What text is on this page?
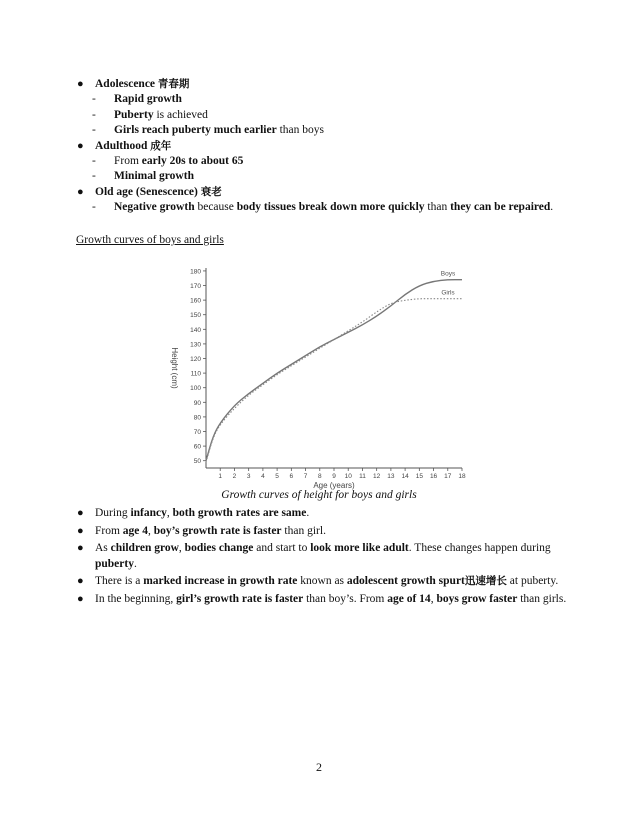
● Adolescence 青春期
- Rapid growth
- Puberty is achieved
- Girls reach puberty much earlier than boys
● Adulthood 成年
- From early 20s to about 65
- Minimal growth
● Old age (Senescence) 衰老
- Negative growth because body tissues break down more quickly than they can be repaired.
Growth curves of boys and girls
50
60
70
80
90
100
110
120
130
140
150
160
170
180
1 2 3 4 5 6 7 8 9 10 11 12 13 14 15 16 17 18
Boys
Girls
Height (cm)
Age (years)
Growth curves of height for boys and girls
● During infancy, both growth rates are same.
● From age 4, boy’s growth rate is faster than girl.
● As children grow, bodies change and start to look more like adult. These changes happen during puberty.
● There is a marked increase in growth rate known as adolescent growth spurt迅速增长 at puberty.
● In the beginning, girl’s growth rate is faster than boy’s. From age of 14, boys grow faster than girls.
2
